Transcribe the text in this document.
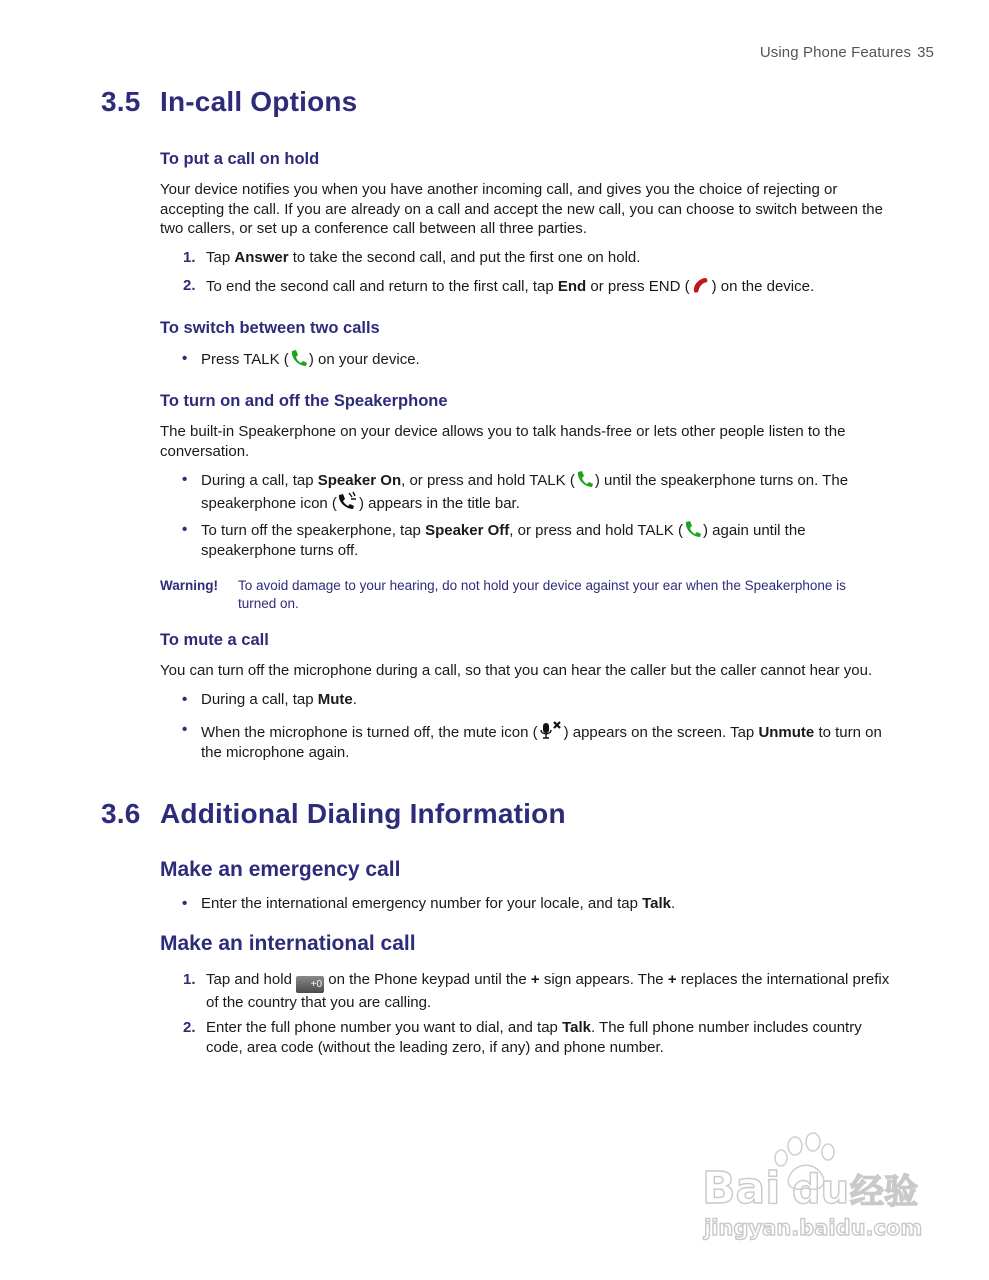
Using Phone Features 35
3.5 In-call Options
To put a call on hold
Your device notifies you when you have another incoming call, and gives you the choice of rejecting or accepting the call. If you are already on a call and accept the new call, you can choose to switch between the two callers, or set up a conference call between all three parties.
1. Tap Answer to take the second call, and put the first one on hold.
2. To end the second call and return to the first call, tap End or press END ( ) on the device.
To switch between two calls
• Press TALK ( ) on your device.
To turn on and off the Speakerphone
The built-in Speakerphone on your device allows you to talk hands-free or lets other people listen to the conversation.
• During a call, tap Speaker On, or press and hold TALK ( ) until the speakerphone turns on. The speakerphone icon ( ) appears in the title bar.
• To turn off the speakerphone, tap Speaker Off, or press and hold TALK ( ) again until the speakerphone turns off.
Warning! To avoid damage to your hearing, do not hold your device against your ear when the Speakerphone is turned on.
To mute a call
You can turn off the microphone during a call, so that you can hear the caller but the caller cannot hear you.
• During a call, tap Mute.
• When the microphone is turned off, the mute icon ( ) appears on the screen. Tap Unmute to turn on the microphone again.
3.6 Additional Dialing Information
Make an emergency call
• Enter the international emergency number for your locale, and tap Talk.
Make an international call
1. Tap and hold +0 on the Phone keypad until the + sign appears. The + replaces the international prefix of the country that you are calling.
2. Enter the full phone number you want to dial, and tap Talk. The full phone number includes country code, area code (without the leading zero, if any) and phone number.
Bai du 经验
jingyan.baidu.com
